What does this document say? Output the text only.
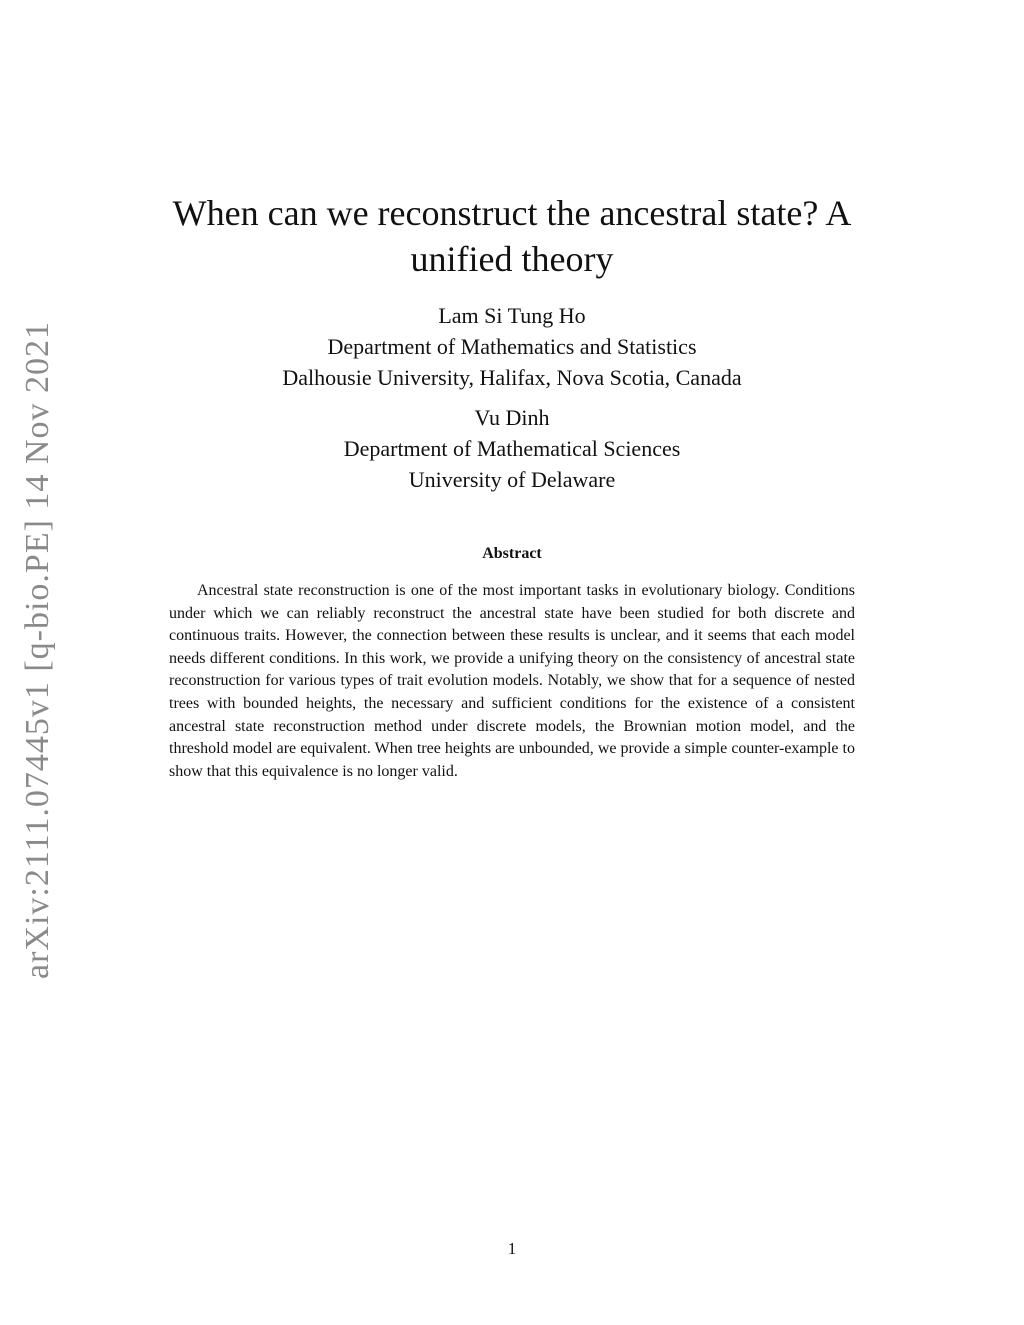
arXiv:2111.07445v1 [q-bio.PE] 14 Nov 2021
When can we reconstruct the ancestral state? A unified theory
Lam Si Tung Ho
Department of Mathematics and Statistics
Dalhousie University, Halifax, Nova Scotia, Canada
Vu Dinh
Department of Mathematical Sciences
University of Delaware
Abstract

Ancestral state reconstruction is one of the most important tasks in evolutionary biology. Conditions under which we can reliably reconstruct the ancestral state have been studied for both discrete and continuous traits. However, the connection between these results is unclear, and it seems that each model needs different conditions. In this work, we provide a unifying theory on the consistency of ancestral state reconstruction for various types of trait evolution models. Notably, we show that for a sequence of nested trees with bounded heights, the necessary and sufficient conditions for the existence of a consistent ancestral state reconstruction method under discrete models, the Brownian motion model, and the threshold model are equivalent. When tree heights are unbounded, we provide a simple counter-example to show that this equivalence is no longer valid.

1
